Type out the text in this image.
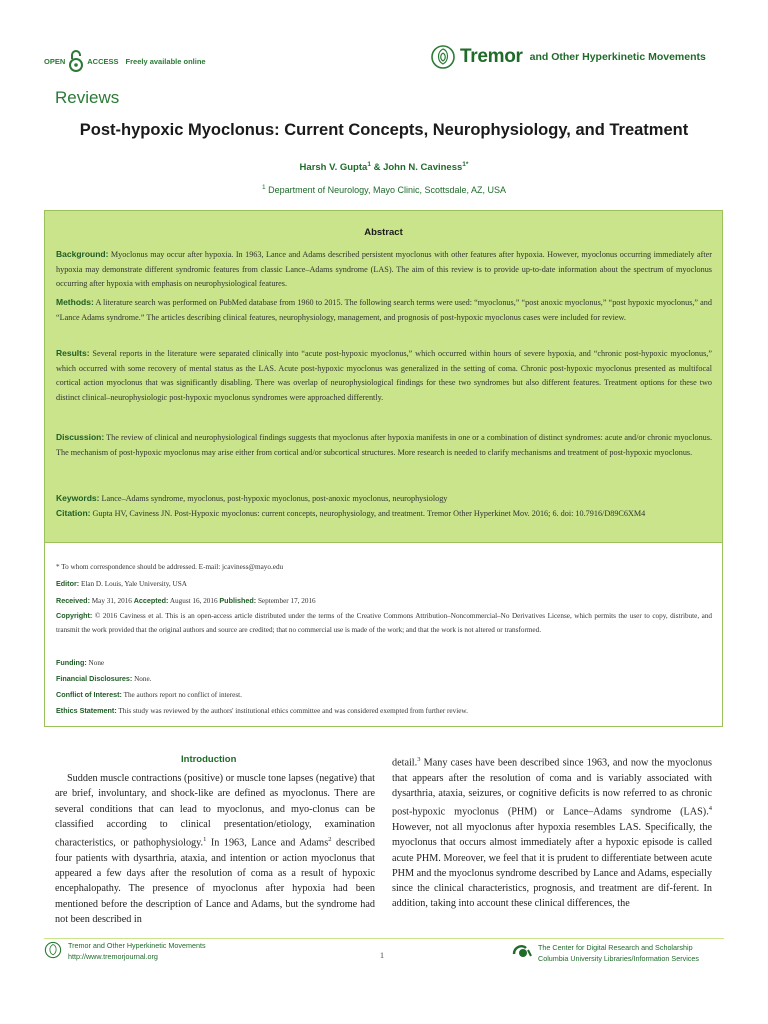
OPEN	ACCESS Freely available online	Tremor and Other Hyperkinetic Movements
Reviews
Post-hypoxic Myoclonus: Current Concepts, Neurophysiology, and Treatment
Harsh V. Gupta$^1$ & John N. Caviness$^{1*}$
$^1$ Department of Neurology, Mayo Clinic, Scottsdale, AZ, USA
Abstract
Background: Myoclonus may occur after hypoxia. In 1963, Lance and Adams described persistent myoclonus with other features after hypoxia. However, myoclonus occurring immediately after hypoxia may demonstrate different syndromic features from classic Lance–Adams syndrome (LAS). The aim of this review is to provide up-to-date information about the spectrum of myoclonus occurring after hypoxia with emphasis on neurophysiological features.
Methods: A literature search was performed on PubMed database from 1960 to 2015. The following search terms were used: “myoclonus,” “post anoxic myoclonus,” “post hypoxic myoclonus,” and “Lance Adams syndrome.” The articles describing clinical features, neurophysiology, management, and prognosis of post-hypoxic myoclonus cases were included for review.
Results: Several reports in the literature were separated clinically into “acute post-hypoxic myoclonus,” which occurred within hours of severe hypoxia, and “chronic post-hypoxic myoclonus,” which occurred with some recovery of mental status as the LAS. Acute post-hypoxic myoclonus was generalized in the setting of coma. Chronic post-hypoxic myoclonus presented as multifocal cortical action myoclonus that was significantly disabling. There was overlap of neurophysiological findings for these two syndromes but also different features. Treatment options for these two distinct clinical–neurophysiologic post-hypoxic myoclonus syndromes were approached differently.
Discussion: The review of clinical and neurophysiological findings suggests that myoclonus after hypoxia manifests in one or a combination of distinct syndromes: acute and/or chronic myoclonus. The mechanism of post-hypoxic myoclonus may arise either from cortical and/or subcortical structures. More research is needed to clarify mechanisms and treatment of post-hypoxic myoclonus.
Keywords: Lance–Adams syndrome, myoclonus, post-hypoxic myoclonus, post-anoxic myoclonus, neurophysiology
Citation: Gupta HV, Caviness JN. Post-Hypoxic myoclonus: current concepts, neurophysiology, and treatment. Tremor Other Hyperkinet Mov. 2016; 6. doi: 10.7916/D89C6XM4
* To whom correspondence should be addressed. E-mail: jcaviness@mayo.edu
Editor: Elan D. Louis, Yale University, USA
Received: May 31, 2016 Accepted: August 16, 2016 Published: September 17, 2016
Copyright: © 2016 Caviness et al. This is an open-access article distributed under the terms of the Creative Commons Attribution–Noncommercial–No Derivatives License, which permits the user to copy, distribute, and transmit the work provided that the original authors and source are credited; that no commercial use is made of the work; and that the work is not altered or transformed.
Funding: None
Financial Disclosures: None.
Conflict of Interest: The authors report no conflict of interest.
Ethics Statement: This study was reviewed by the authors' institutional ethics committee and was considered exempted from further review.
Introduction
Sudden muscle contractions (positive) or muscle tone lapses (negative) that are brief, involuntary, and shock-like are defined as myoclonus. There are several conditions that can lead to myoclonus, and myo-clonus can be classified according to clinical presentation/etiology, examination characteristics, or pathophysiology.$^1$ In 1963, Lance and Adams$^2$ described four patients with dysarthria, ataxia, and intention or action myoclonus that appeared a few days after the resolution of coma as a result of hypoxic encephalopathy. The presence of myoclonus after hypoxia had been mentioned before the description of Lance and Adams, but the syndrome had not been described in
detail.$^3$ Many cases have been described since 1963, and now the myoclonus that appears after the resolution of coma and is variably associated with dysarthria, ataxia, seizures, or cognitive deficits is now referred to as chronic post-hypoxic myoclonus (PHM) or Lance–Adams syndrome (LAS).$^4$ However, not all myoclonus after hypoxia resembles LAS. Specifically, the myoclonus that occurs almost immediately after a hypoxic episode is called acute PHM. Moreover, we feel that it is prudent to differentiate between acute PHM and the myoclonus syndrome described by Lance and Adams, especially since the clinical characteristics, prognosis, and treatment are dif-ferent. In addition, taking into account these clinical differences, the
Tremor and Other Hyperkinetic Movements
http://www.tremorjournal.org	1
The Center for Digital Research and Scholarship
Columbia University Libraries/Information Services
